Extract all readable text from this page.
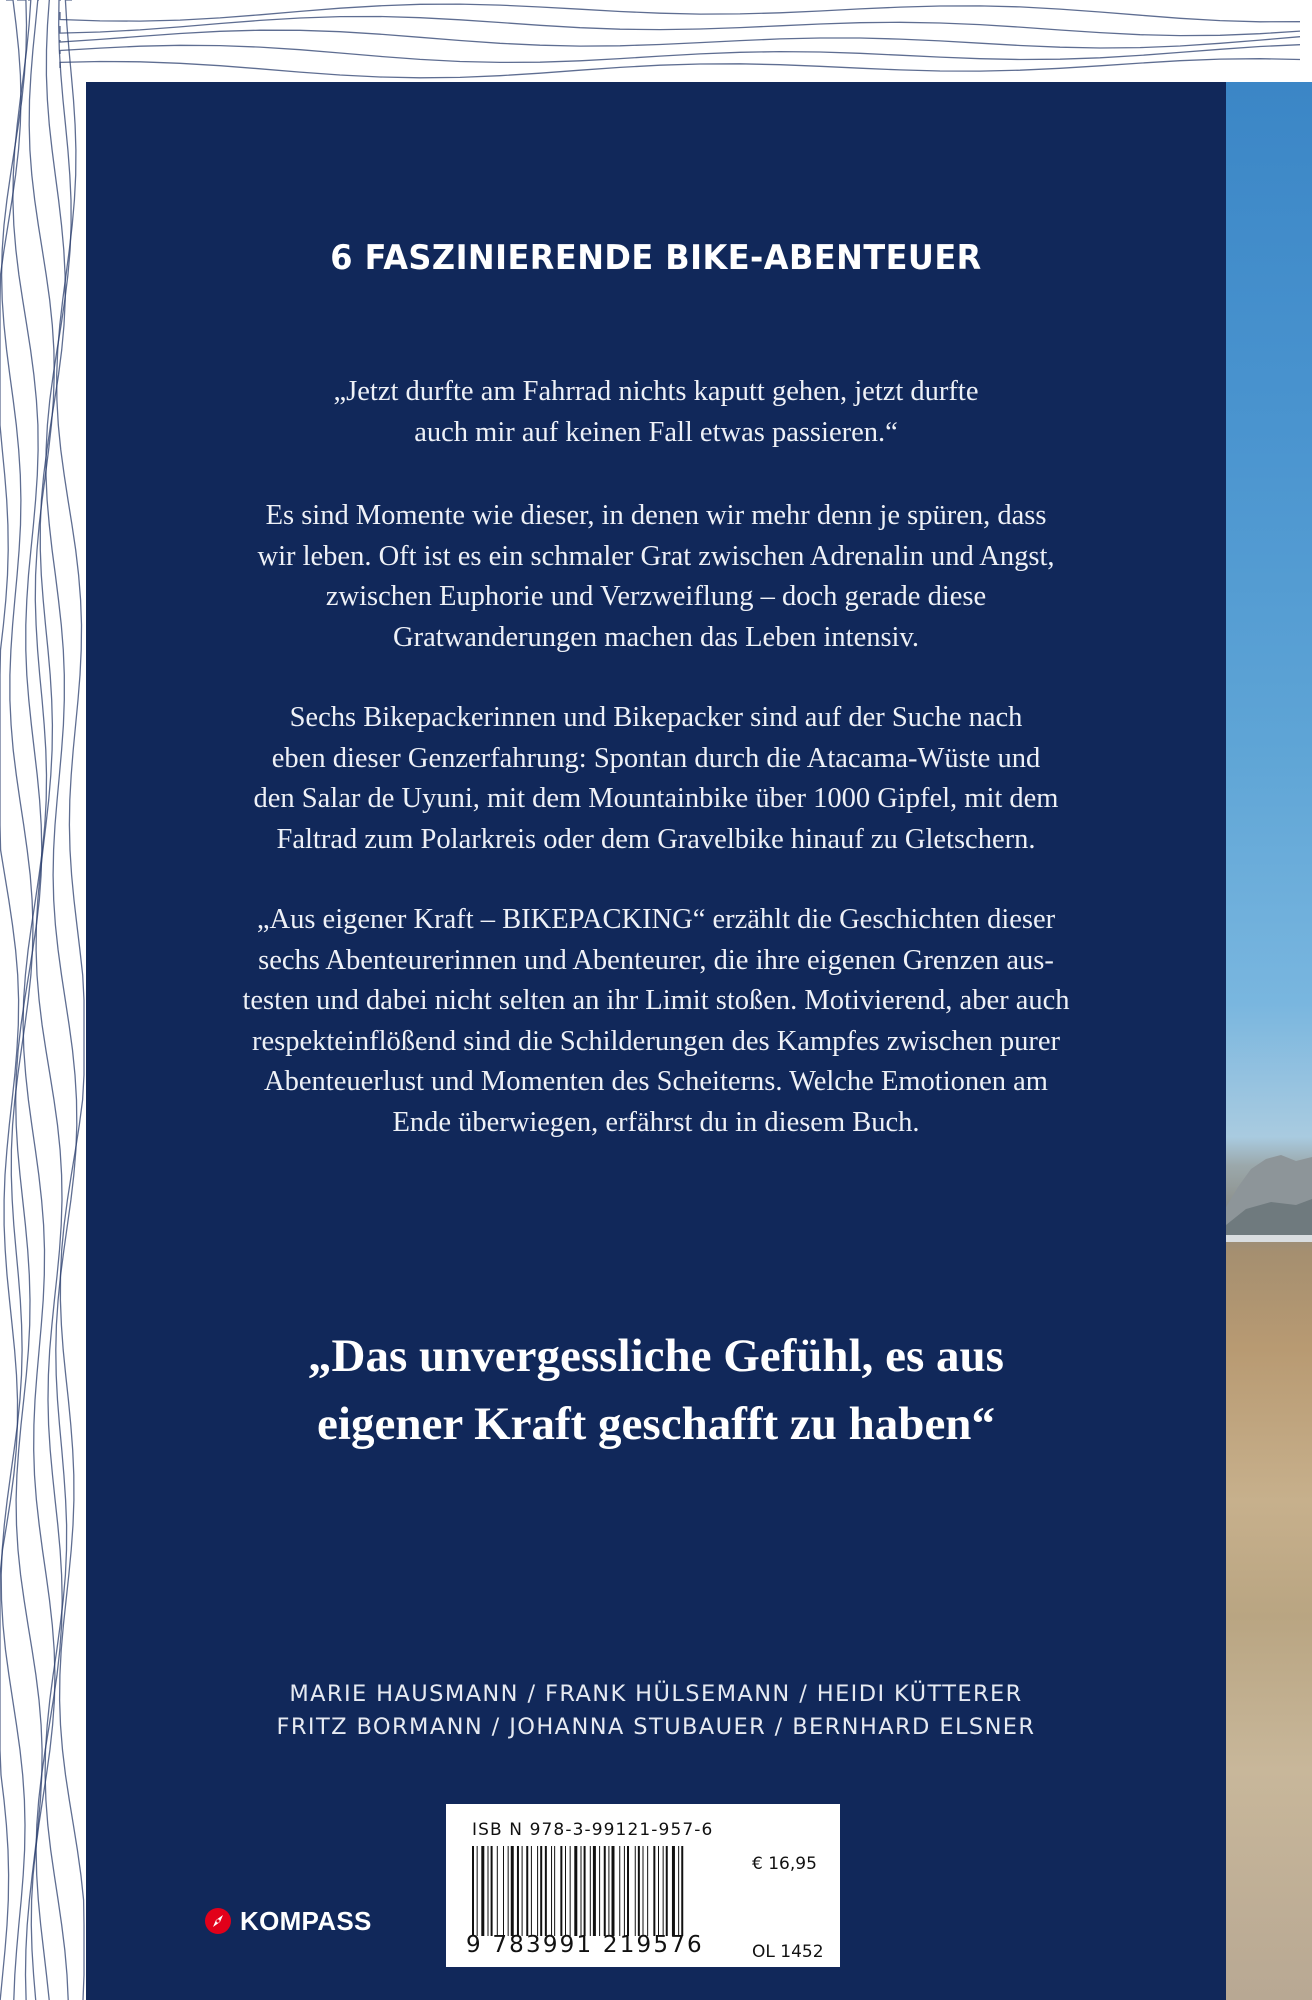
6 FASZINIERENDE BIKE-ABENTEUER

„Jetzt durfte am Fahrrad nichts kaputt gehen, jetzt durfte

auch mir auf keinen Fall etwas passieren.“

Es sind Momente wie dieser, in denen wir mehr denn je spüren, dass

wir leben. Oft ist es ein schmaler Grat zwischen Adrenalin und Angst,

zwischen Euphorie und Verzweiflung – doch gerade diese

Gratwanderungen machen das Leben intensiv.

Sechs Bikepackerinnen und Bikepacker sind auf der Suche nach

eben dieser Genzerfahrung: Spontan durch die Atacama-Wüste und

den Salar de Uyuni, mit dem Mountainbike über 1000 Gipfel, mit dem

Faltrad zum Polarkreis oder dem Gravelbike hinauf zu Gletschern.

„Aus eigener Kraft – BIKEPACKING“ erzählt die Geschichten dieser

sechs Abenteurerinnen und Abenteurer, die ihre eigenen Grenzen aus-

testen und dabei nicht selten an ihr Limit stoßen. Motivierend, aber auch

respekteinflößend sind die Schilderungen des Kampfes zwischen purer

Abenteuerlust und Momenten des Scheiterns. Welche Emotionen am

Ende überwiegen, erfährst du in diesem Buch.

„Das unvergessliche Gefühl, es aus

eigener Kraft geschafft zu haben“

MARIE HAUSMANN / FRANK HÜLSEMANN / HEIDI KÜTTERER

FRITZ BORMANN / JOHANNA STUBAUER / BERNHARD ELSNER

KOMPASS
ISB N 978-3-99121-957-6
9 783991 219576
€ 16,95
OL 1452
